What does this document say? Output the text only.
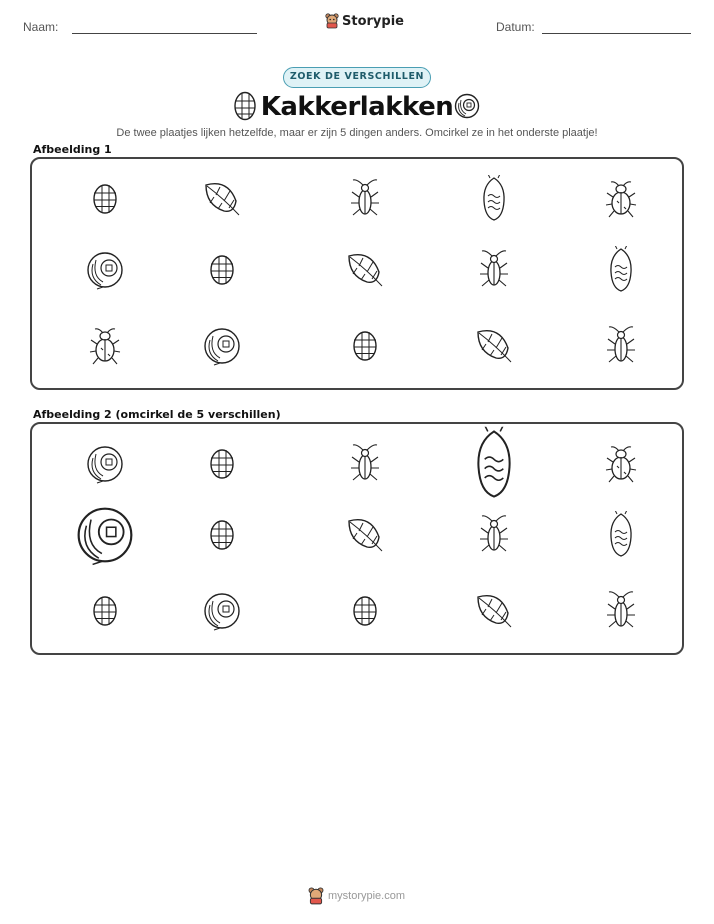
Naam:	Storypie	Datum:
ZOEK DE VERSCHILLEN
Kakkerlakken
De twee plaatjes lijken hetzelfde, maar er zijn 5 dingen anders. Omcirkel ze in het onderste plaatje!
Afbeelding 1
Afbeelding 2 (omcirkel de 5 verschillen)
mystorypie.com
